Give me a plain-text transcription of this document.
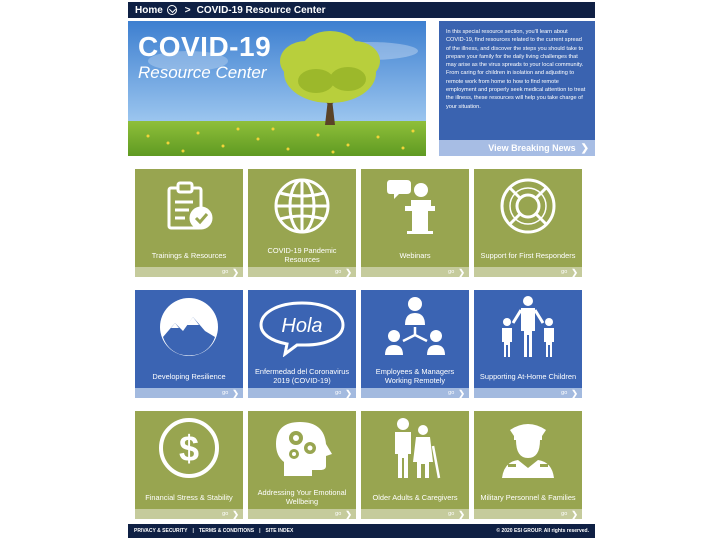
Home > COVID-19 Resource Center
COVID-19
Resource Center
In this special resource section, you'll learn about COVID-19, find resources related to the current spread of the illness, and discover the steps you should take to prepare your family for the daily living challenges that may arise as the virus spreads to your local community. From caring for children in isolation and adjusting to remote work from home to how to find remote employment and properly seek medical attention to treat the illness, these resources will help you take charge of your situation.
View Breaking News ❯
Trainings & Resources
go ❯
COVID-19 Pandemic Resources
go ❯
Webinars
go ❯
Support for First Responders
go ❯
Developing Resilience
go ❯
Hola
Enfermedad del Coronavirus 2019 (COVID-19)
go ❯
Employees & Managers Working Remotely
go ❯
Supporting At-Home Children
go ❯
$
Financial Stress & Stability
go ❯
Addressing Your Emotional Wellbeing
go ❯
Older Adults & Caregivers
go ❯
Military Personnel & Families
go ❯
PRIVACY & SECURITY | TERMS & CONDITIONS | SITE INDEX	© 2020 ESI GROUP. All rights reserved.
